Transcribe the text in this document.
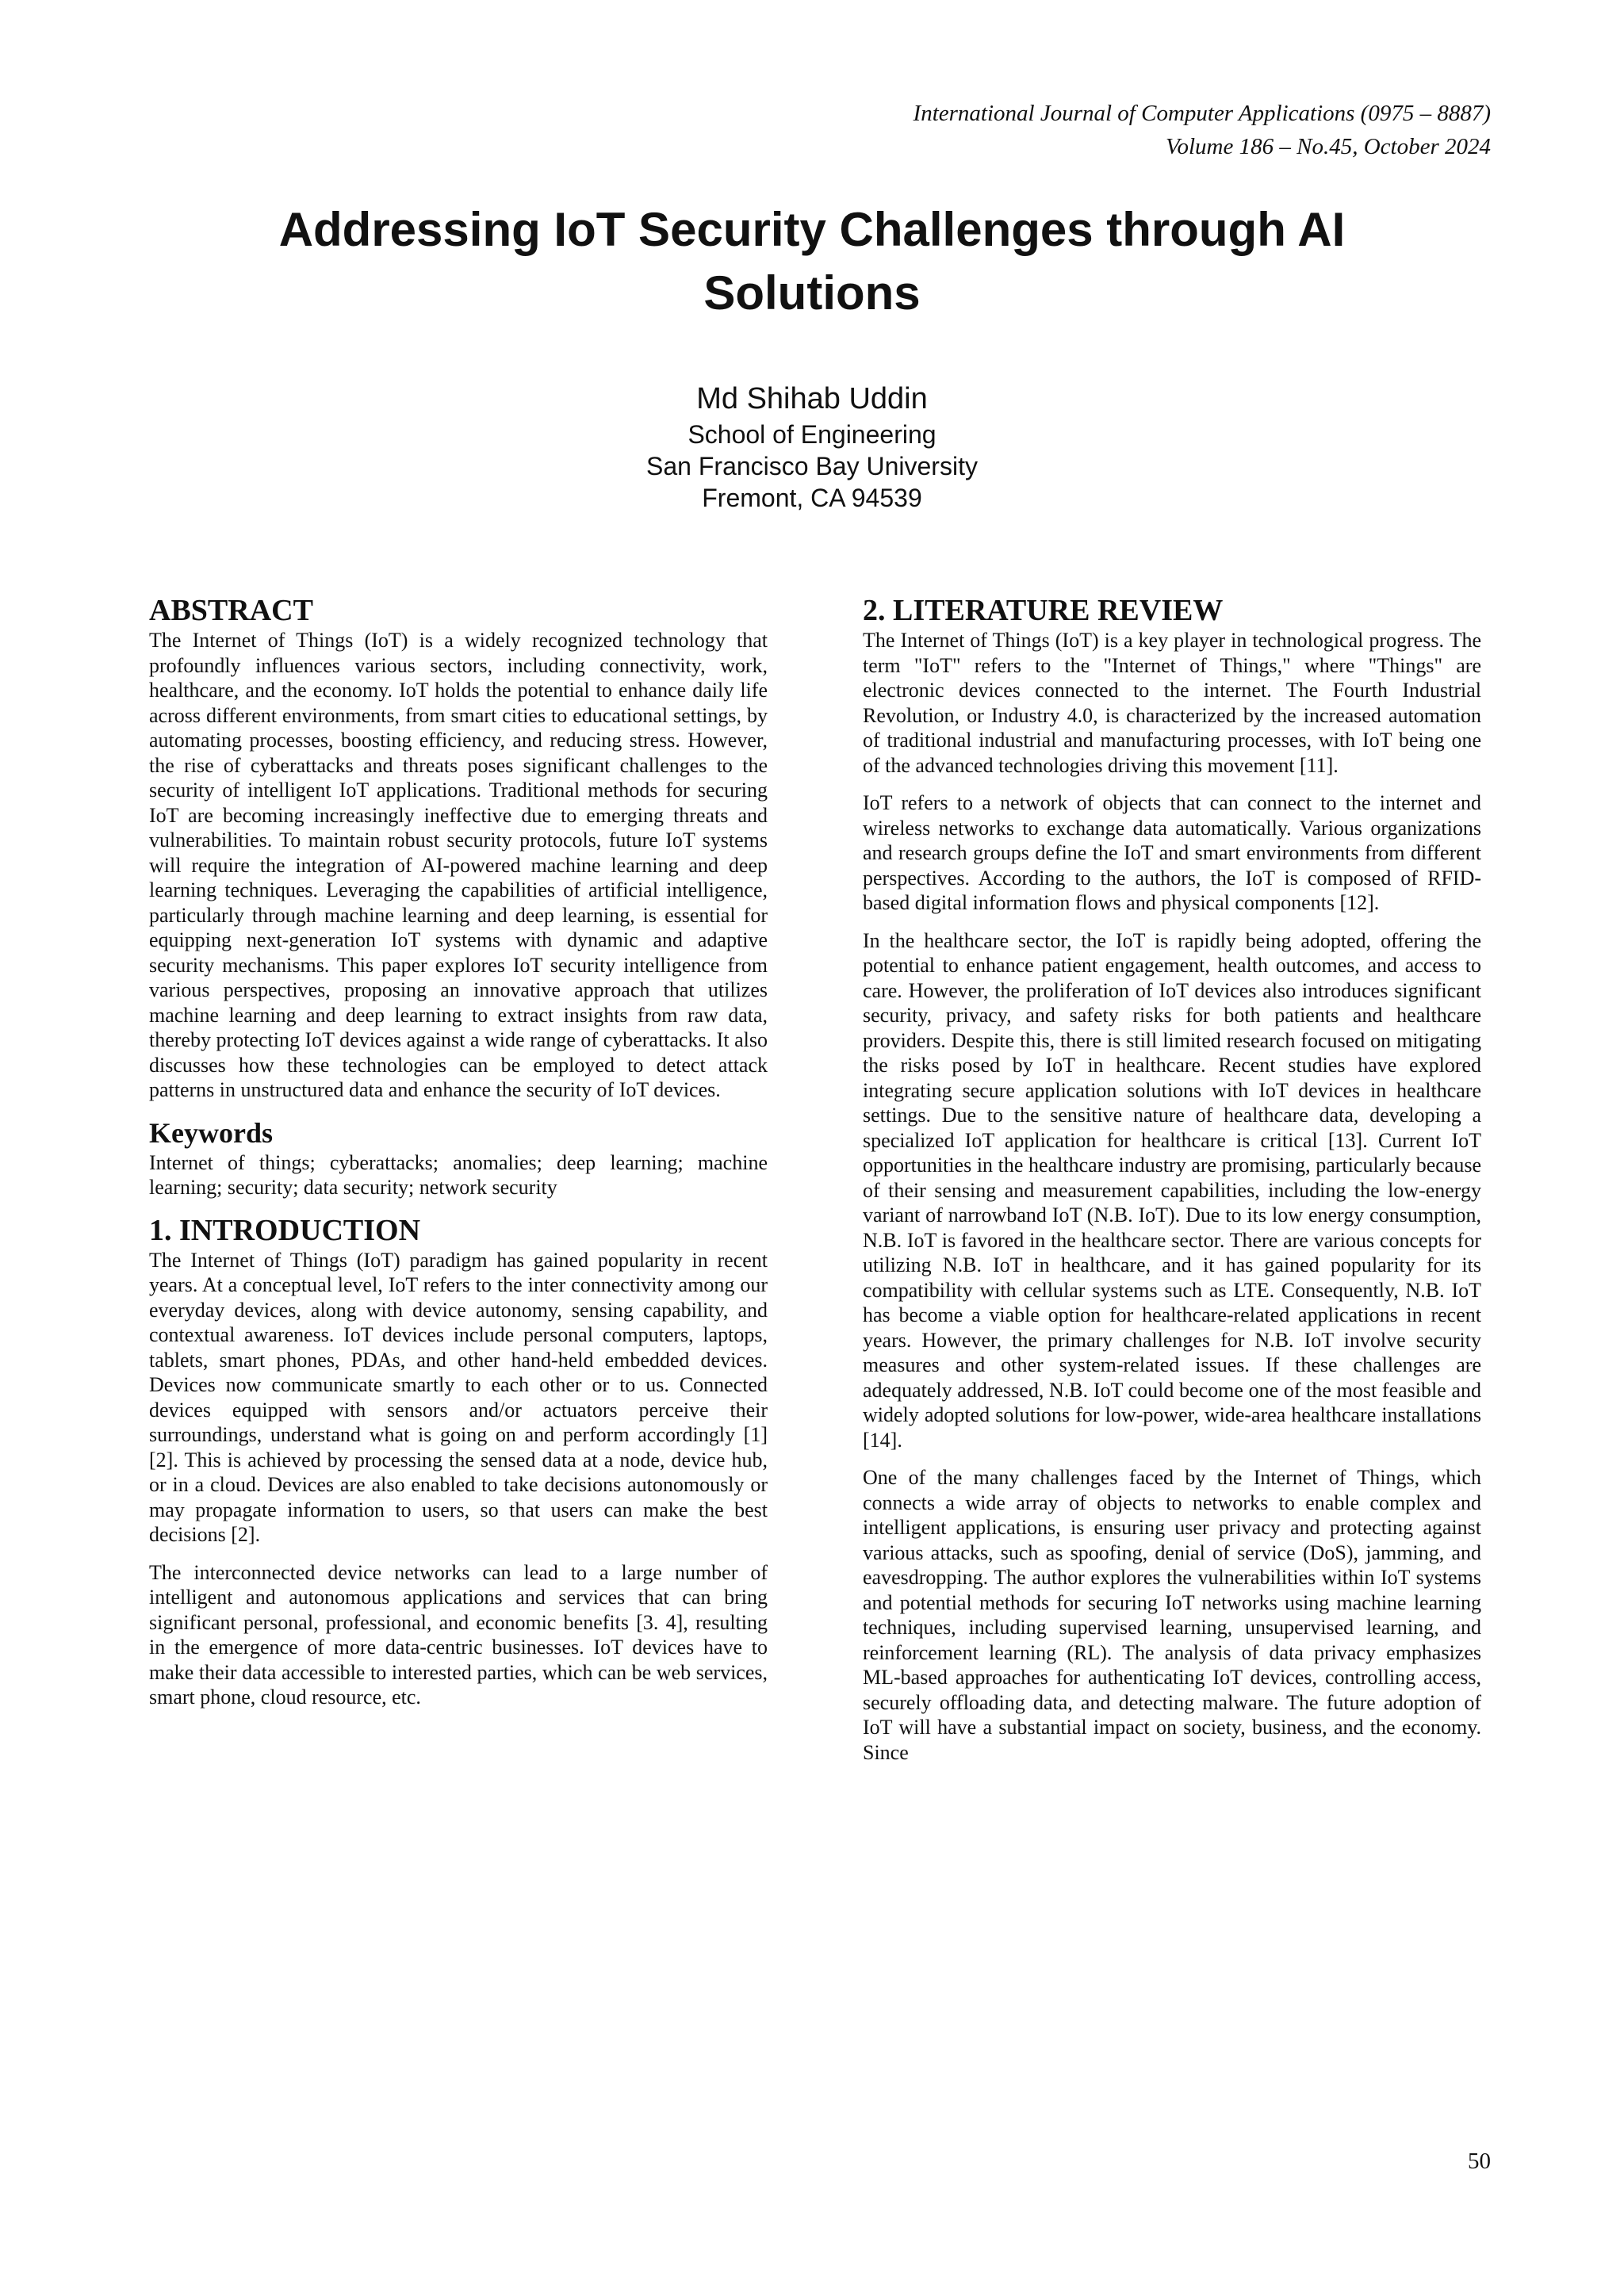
International Journal of Computer Applications (0975 – 8887)
Volume 186 – No.45, October 2024
Addressing IoT Security Challenges through AI Solutions
Md Shihab Uddin
School of Engineering
San Francisco Bay University
Fremont, CA 94539
ABSTRACT

The Internet of Things (IoT) is a widely recognized technology that profoundly influences various sectors, including connectivity, work, healthcare, and the economy. IoT holds the potential to enhance daily life across different environments, from smart cities to educational settings, by automating processes, boosting efficiency, and reducing stress. However, the rise of cyberattacks and threats poses significant challenges to the security of intelligent IoT applications. Traditional methods for securing IoT are becoming increasingly ineffective due to emerging threats and vulnerabilities. To maintain robust security protocols, future IoT systems will require the integration of AI-powered machine learning and deep learning techniques. Leveraging the capabilities of artificial intelligence, particularly through machine learning and deep learning, is essential for equipping next-generation IoT systems with dynamic and adaptive security mechanisms. This paper explores IoT security intelligence from various perspectives, proposing an innovative approach that utilizes machine learning and deep learning to extract insights from raw data, thereby protecting IoT devices against a wide range of cyberattacks. It also discusses how these technologies can be employed to detect attack patterns in unstructured data and enhance the security of IoT devices.

Keywords

Internet of things; cyberattacks; anomalies; deep learning; machine learning; security; data security; network security

1. INTRODUCTION

The Internet of Things (IoT) paradigm has gained popularity in recent years. At a conceptual level, IoT refers to the inter connectivity among our everyday devices, along with device autonomy, sensing capability, and contextual awareness. IoT devices include personal computers, laptops, tablets, smart phones, PDAs, and other hand-held embedded devices. Devices now communicate smartly to each other or to us. Connected devices equipped with sensors and/or actuators perceive their surroundings, understand what is going on and perform accordingly [1] [2]. This is achieved by processing the sensed data at a node, device hub, or in a cloud. Devices are also enabled to take decisions autonomously or may propagate information to users, so that users can make the best decisions [2].

The interconnected device networks can lead to a large number of intelligent and autonomous applications and services that can bring significant personal, professional, and economic benefits [3. 4], resulting in the emergence of more data-centric businesses. IoT devices have to make their data accessible to interested parties, which can be web services, smart phone, cloud resource, etc.

2. LITERATURE REVIEW

The Internet of Things (IoT) is a key player in technological progress. The term "IoT" refers to the "Internet of Things," where "Things" are electronic devices connected to the internet. The Fourth Industrial Revolution, or Industry 4.0, is characterized by the increased automation of traditional industrial and manufacturing processes, with IoT being one of the advanced technologies driving this movement [11].

IoT refers to a network of objects that can connect to the internet and wireless networks to exchange data automatically. Various organizations and research groups define the IoT and smart environments from different perspectives. According to the authors, the IoT is composed of RFID-based digital information flows and physical components [12].

In the healthcare sector, the IoT is rapidly being adopted, offering the potential to enhance patient engagement, health outcomes, and access to care. However, the proliferation of IoT devices also introduces significant security, privacy, and safety risks for both patients and healthcare providers. Despite this, there is still limited research focused on mitigating the risks posed by IoT in healthcare. Recent studies have explored integrating secure application solutions with IoT devices in healthcare settings. Due to the sensitive nature of healthcare data, developing a specialized IoT application for healthcare is critical [13]. Current IoT opportunities in the healthcare industry are promising, particularly because of their sensing and measurement capabilities, including the low-energy variant of narrowband IoT (N.B. IoT). Due to its low energy consumption, N.B. IoT is favored in the healthcare sector. There are various concepts for utilizing N.B. IoT in healthcare, and it has gained popularity for its compatibility with cellular systems such as LTE. Consequently, N.B. IoT has become a viable option for healthcare-related applications in recent years. However, the primary challenges for N.B. IoT involve security measures and other system-related issues. If these challenges are adequately addressed, N.B. IoT could become one of the most feasible and widely adopted solutions for low-power, wide-area healthcare installations [14].

One of the many challenges faced by the Internet of Things, which connects a wide array of objects to networks to enable complex and intelligent applications, is ensuring user privacy and protecting against various attacks, such as spoofing, denial of service (DoS), jamming, and eavesdropping. The author explores the vulnerabilities within IoT systems and potential methods for securing IoT networks using machine learning techniques, including supervised learning, unsupervised learning, and reinforcement learning (RL). The analysis of data privacy emphasizes ML-based approaches for authenticating IoT devices, controlling access, securely offloading data, and detecting malware. The future adoption of IoT will have a substantial impact on society, business, and the economy. Since

50
